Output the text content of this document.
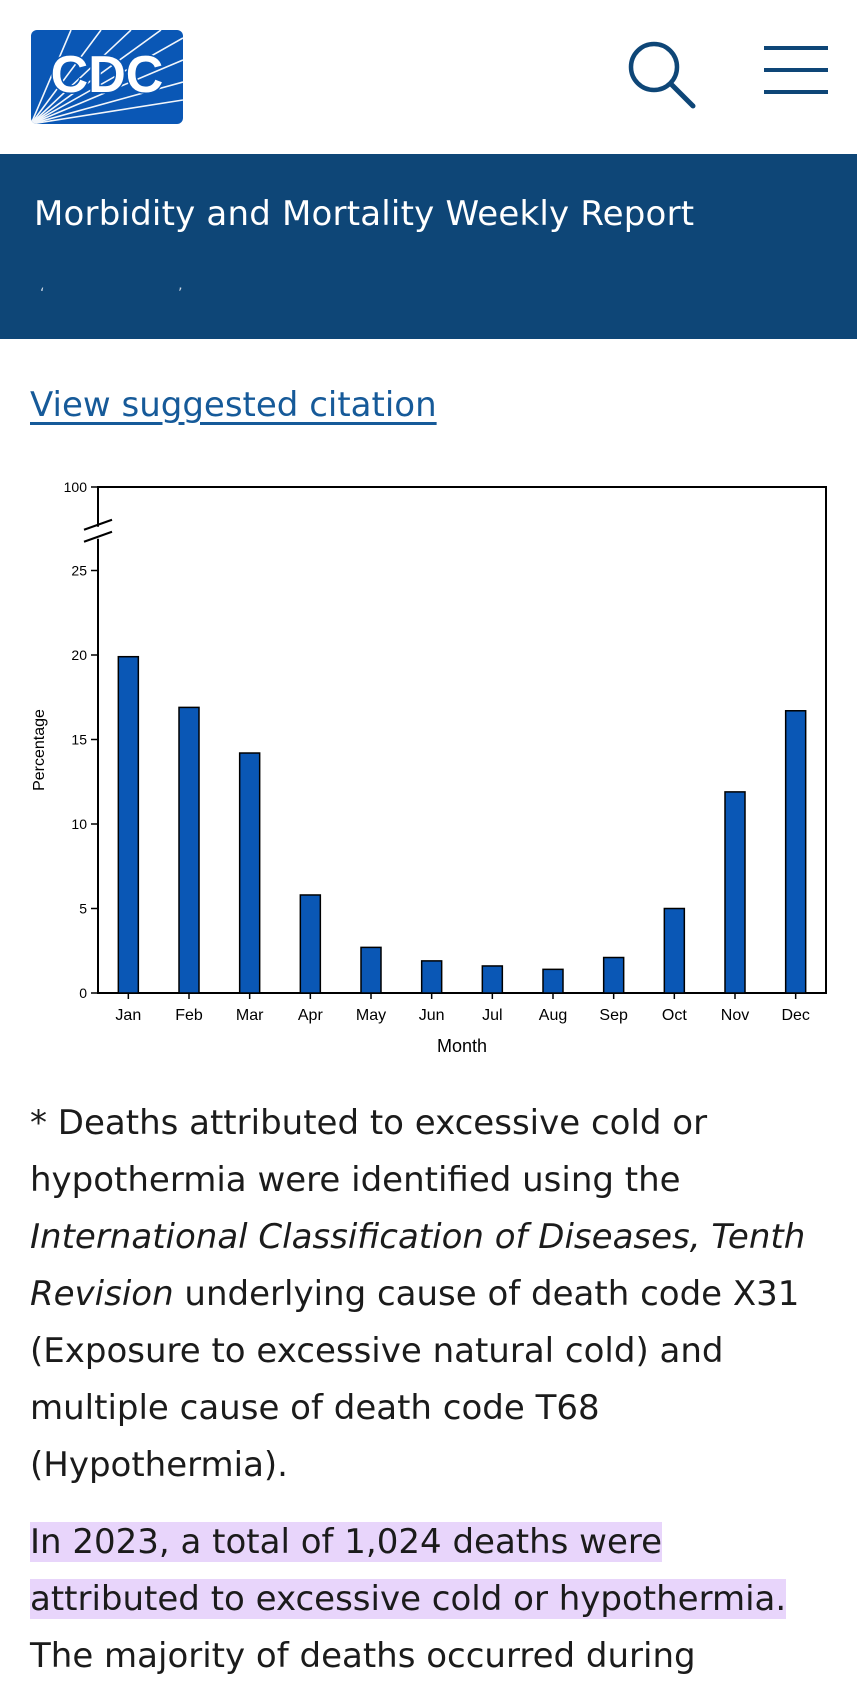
CDC
Morbidity and Mortality Weekly Report
‘	’
View suggested citation
0
5
10
15
20
25
100
Percentage
Jan Feb Mar Apr May Jun Jul Aug Sep Oct Nov Dec
Month

* Deaths attributed to excessive cold or hypothermia were identified using the International Classification of Diseases, Tenth Revision underlying cause of death code X31 (Exposure to excessive natural cold) and multiple cause of death code T68 (Hypothermia).

In 2023, a total of 1,024 deaths were attributed to excessive cold or hypothermia. The majority of deaths occurred during
